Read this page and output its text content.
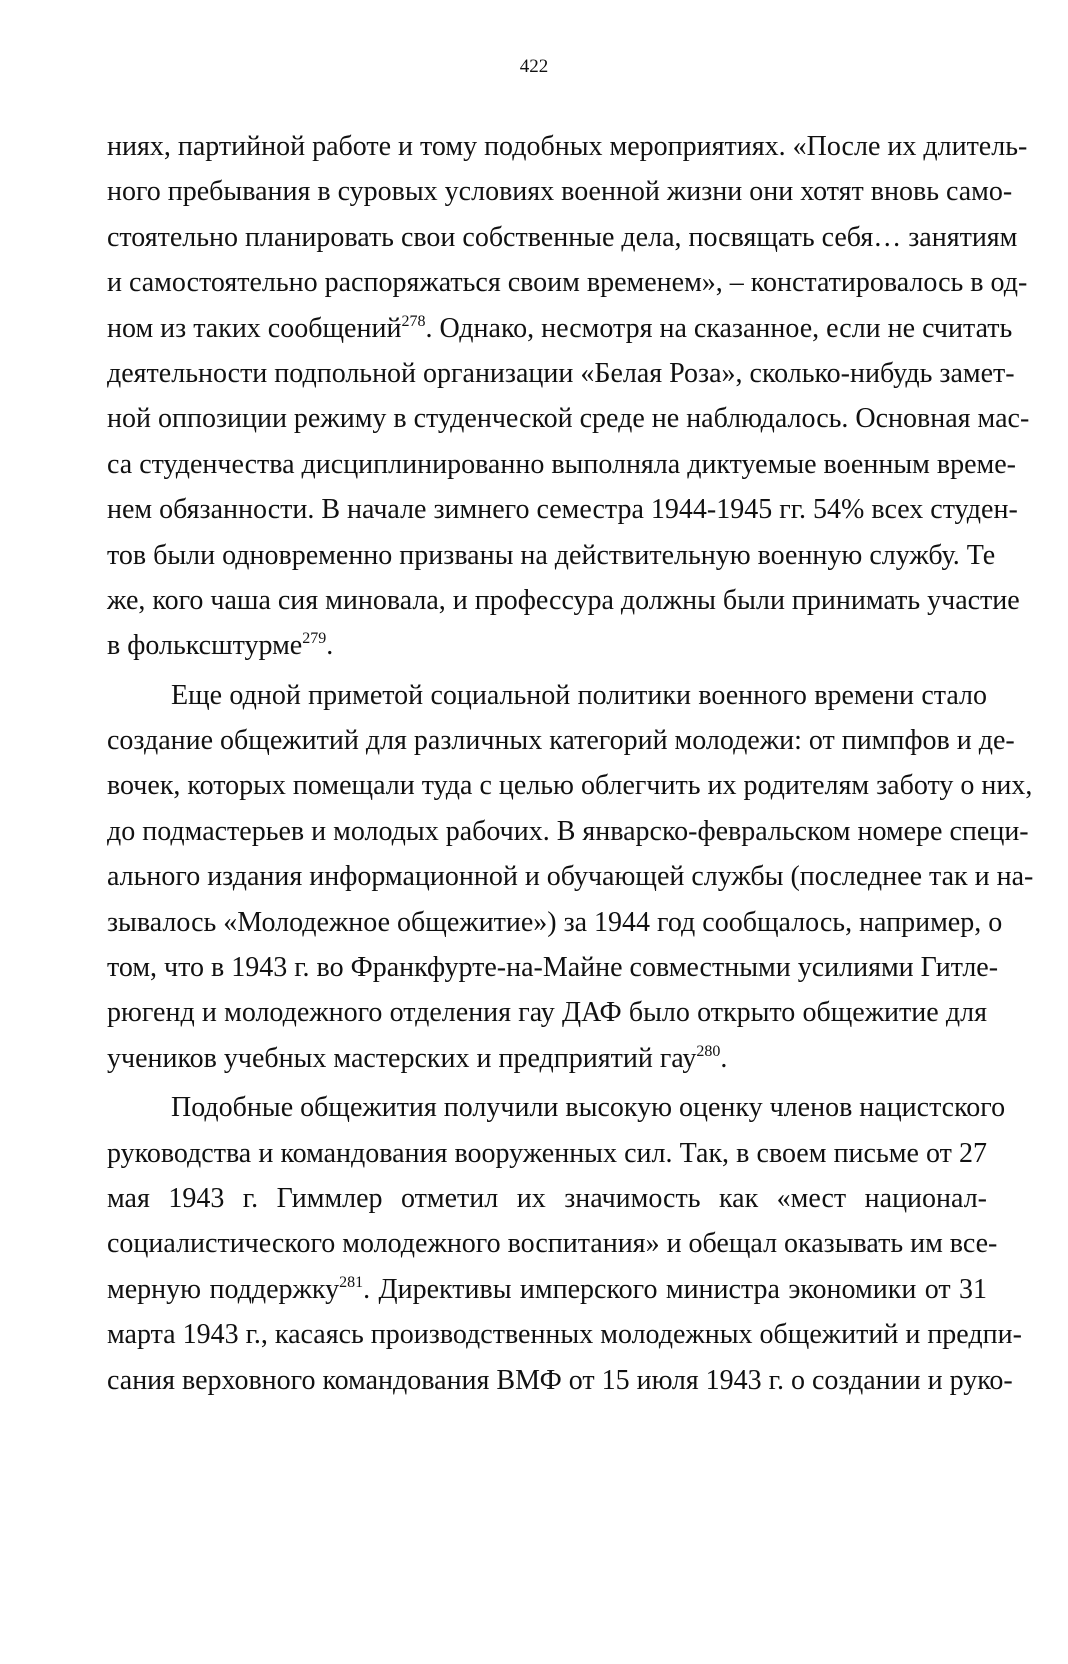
422
ниях, партийной работе и тому подобных мероприятиях. «После их длитель-
ного пребывания в суровых условиях военной жизни они хотят вновь само-
стоятельно планировать свои собственные дела, посвящать себя… занятиям
и самостоятельно распоряжаться своим временем», – констатировалось в од-
ном из таких сообщений$^{278}$. Однако, несмотря на сказанное, если не считать
деятельности подпольной организации «Белая Роза», сколько-нибудь замет-
ной оппозиции режиму в студенческой среде не наблюдалось. Основная мас-
са студенчества дисциплинированно выполняла диктуемые военным време-
нем обязанности. В начале зимнего семестра 1944-1945 гг. 54% всех студен-
тов были одновременно призваны на действительную военную службу. Те
же, кого чаша сия миновала, и профессура должны были принимать участие
в фольксштурме$^{279}$.
Еще одной приметой социальной политики военного времени стало
создание общежитий для различных категорий молодежи: от пимпфов и де-
вочек, которых помещали туда с целью облегчить их родителям заботу о них,
до подмастерьев и молодых рабочих. В январско-февральском номере специ-
ального издания информационной и обучающей службы (последнее так и на-
зывалось «Молодежное общежитие») за 1944 год сообщалось, например, о
том, что в 1943 г. во Франкфурте-на-Майне совместными усилиями Гитле-
рюгенд и молодежного отделения гау ДАФ было открыто общежитие для
учеников учебных мастерских и предприятий гау$^{280}$.
Подобные общежития получили высокую оценку членов нацистского
руководства и командования вооруженных сил. Так, в своем письме от 27
мая 1943 г. Гиммлер отметил их значимость как «мест национал-
социалистического молодежного воспитания» и обещал оказывать им все-
мерную поддержку$^{281}$. Директивы имперского министра экономики от 31
марта 1943 г., касаясь производственных молодежных общежитий и предпи-
сания верховного командования ВМФ от 15 июля 1943 г. о создании и руко-
